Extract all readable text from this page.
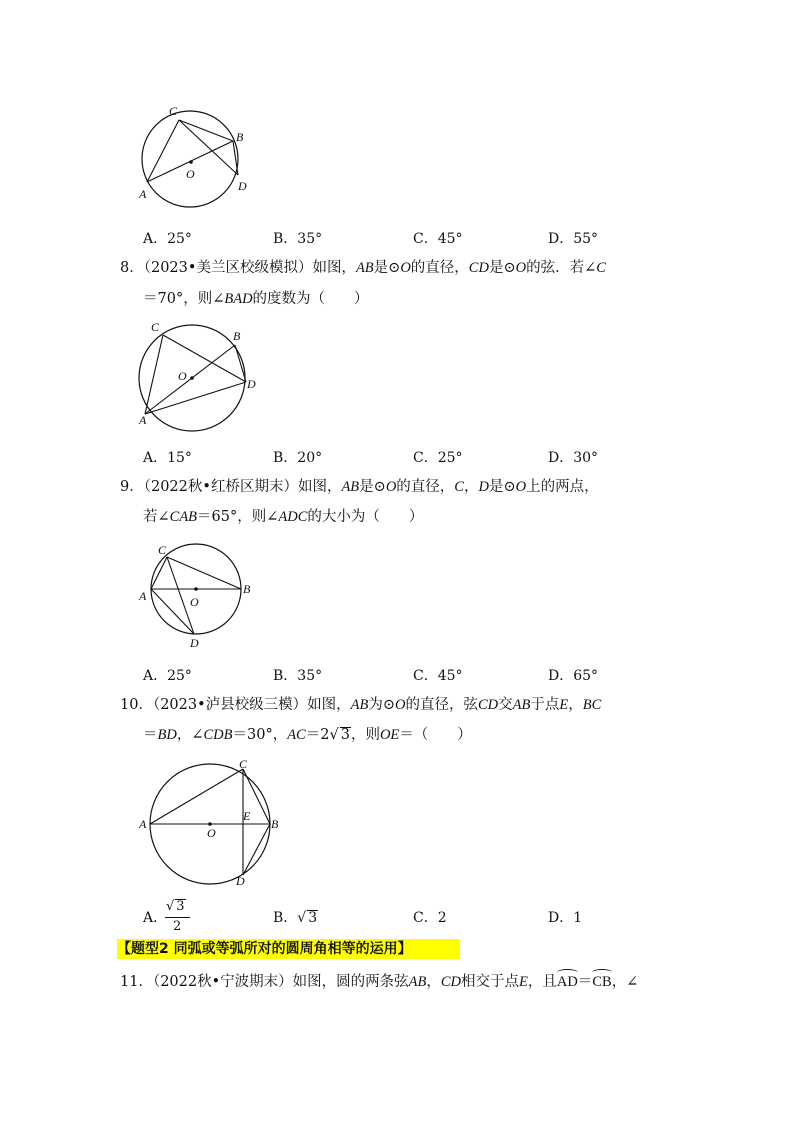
C
B
O
D
A
A．25°	B．35°	C．45°	D．55°
8．（2023•美兰区校级模拟）如图，AB是⊙O的直径，CD是⊙O的弦．若∠C
＝70°，则∠BAD的度数为（　　）
C
B
O
D
A
A．15°	B．20°	C．25°	D．30°
9．（2022秋•红桥区期末）如图，AB是⊙O的直径，C，D是⊙O上的两点，
若∠CAB＝65°，则∠ADC的大小为（　　）
C
A	O
B
D
A．25°	B．35°	C．45°	D．65°
10．（2023•泸县校级三模）如图，AB为⊙O的直径，弦CD交AB于点E，BC
＝BD，∠CDB＝30°，AC＝2√ 3，则OE＝（　　）
C
A
O
E
B
D
A．	B．√ 3	C．2	D．1
√ 3
2
【题型2 同弧或等弧所对的圆周角相等的运用】
11．（2022秋•宁波期末）如图，圆的两条弦AB，CD相交于点E，且AD＝CB，∠
